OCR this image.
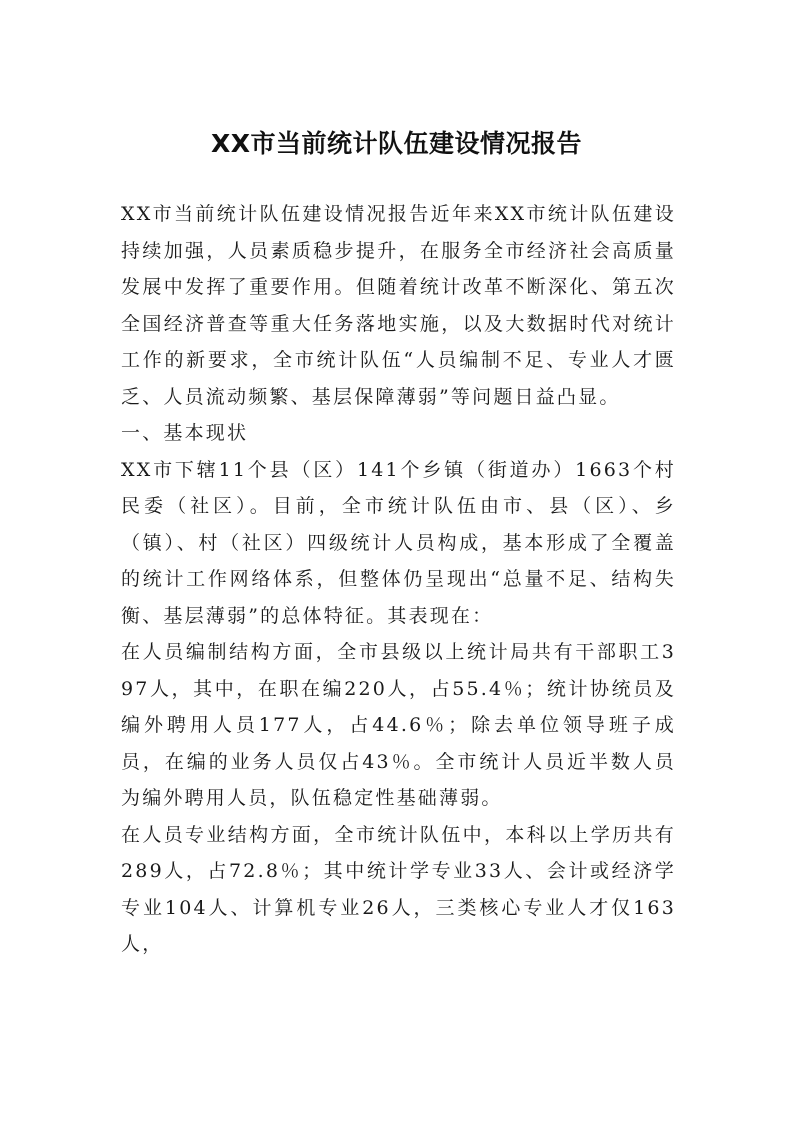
XX市当前统计队伍建设情况报告

XX市当前统计队伍建设情况报告近年来XX市统计队伍建设持续加强，人员素质稳步提升，在服务全市经济社会高质量发展中发挥了重要作用。但随着统计改革不断深化、第五次全国经济普查等重大任务落地实施，以及大数据时代对统计工作的新要求，全市统计队伍“人员编制不足、专业人才匮乏、人员流动频繁、基层保障薄弱”等问题日益凸显。

一、基本现状

XX市下辖11个县（区）141个乡镇（街道办）1663个村民委（社区）。目前，全市统计队伍由市、县（区）、乡（镇）、村（社区）四级统计人员构成，基本形成了全覆盖的统计工作网络体系，但整体仍呈现出“总量不足、结构失衡、基层薄弱”的总体特征。其表现在：

在人员编制结构方面，全市县级以上统计局共有干部职工397人，其中，在职在编220人，占55.4％；统计协统员及编外聘用人员177人，占44.6％；除去单位领导班子成员，在编的业务人员仅占43％。全市统计人员近半数人员为编外聘用人员，队伍稳定性基础薄弱。

在人员专业结构方面，全市统计队伍中，本科以上学历共有289人，占72.8％；其中统计学专业33人、会计或经济学专业104人、计算机专业26人，三类核心专业人才仅163人，
